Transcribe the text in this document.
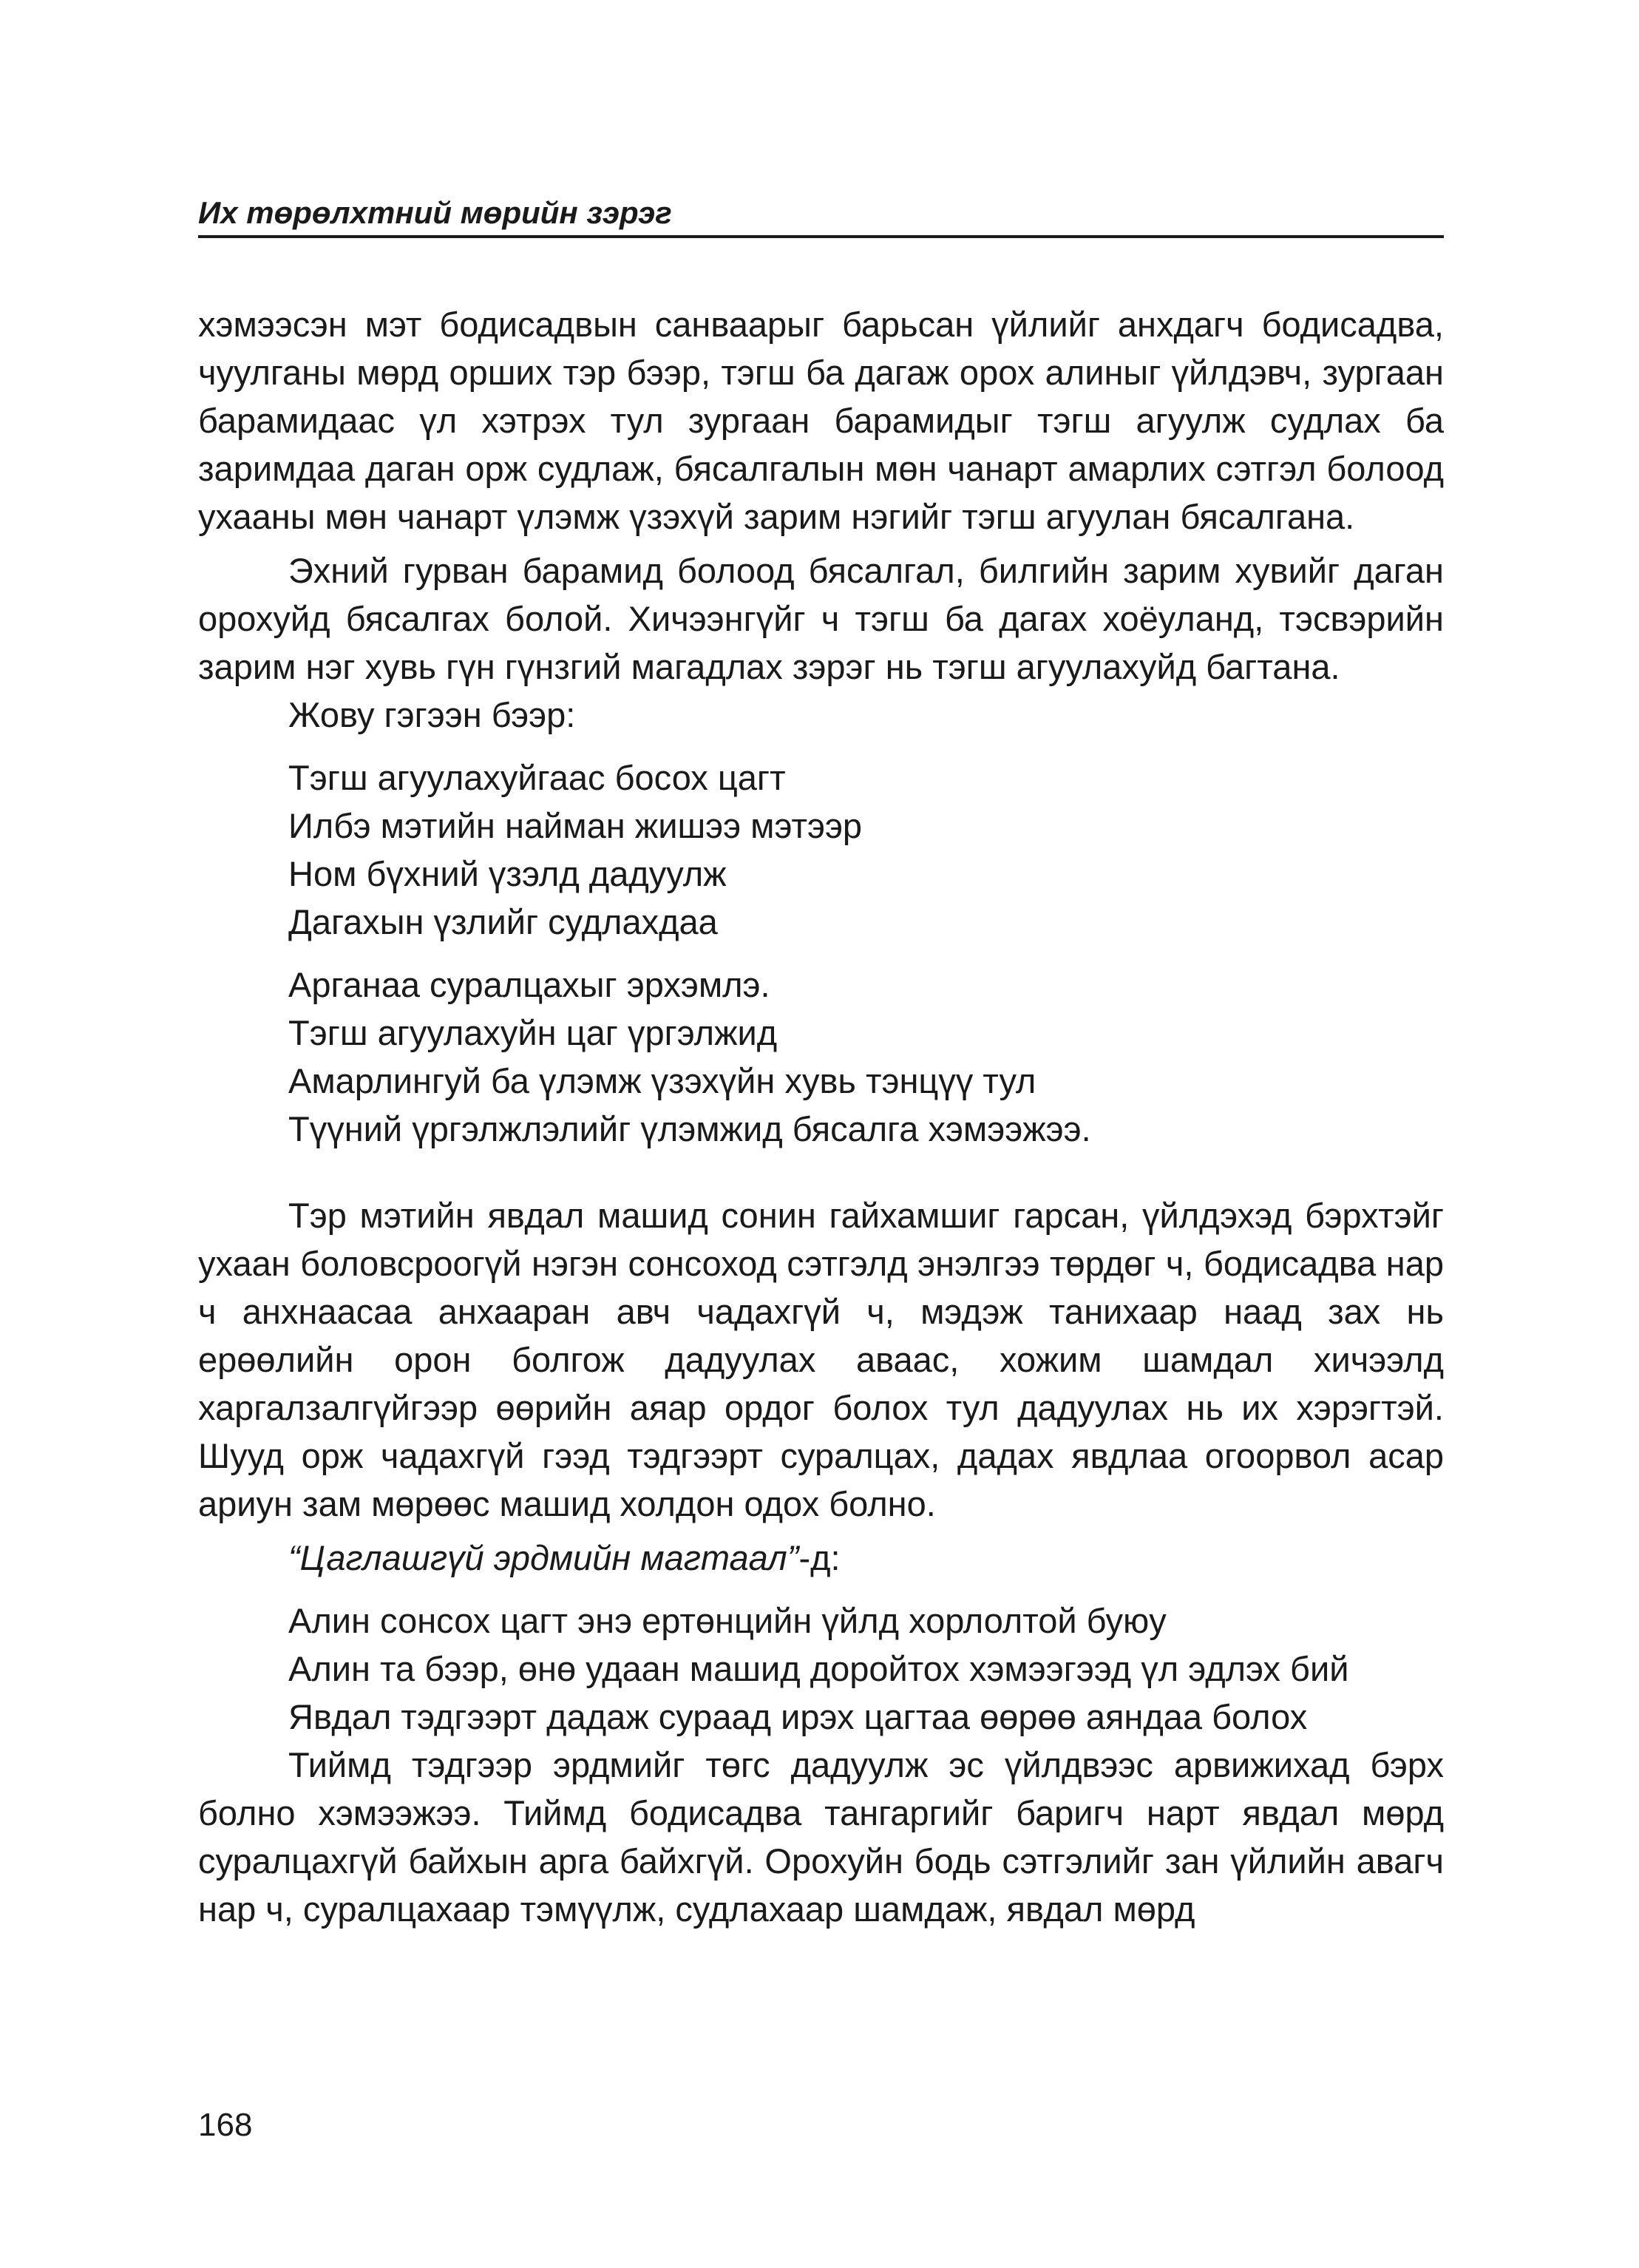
Их төрөлхтний мөрийн зэрэг

хэмээсэн мэт бодисадвын санваарыг барьсан үйлийг анхдагч бодисадва, чуулганы мөрд орших тэр бээр, тэгш ба дагаж орох алиныг үйлдэвч, зургаан барамидаас үл хэтрэх тул зургаан барамидыг тэгш агуулж судлах ба заримдаа даган орж судлаж, бясалгалын мөн чанарт амарлих сэтгэл болоод ухааны мөн чанарт үлэмж үзэхүй зарим нэгийг тэгш агуулан бясалгана.

Эхний гурван барамид болоод бясалгал, билгийн зарим хувийг даган орохуйд бясалгах болой. Хичээнгүйг ч тэгш ба дагах хоёуланд, тэсвэрийн зарим нэг хувь гүн гүнзгий магадлах зэрэг нь тэгш агуулахуйд багтана.

Жову гэгээн бээр:

Тэгш агуулахуйгаас босох цагт
Илбэ мэтийн найман жишээ мэтээр
Ном бүхний үзэлд дадуулж
Дагахын үзлийг судлахдаа
Арганаа суралцахыг эрхэмлэ.
Тэгш агуулахуйн цаг үргэлжид
Амарлингуй ба үлэмж үзэхүйн хувь тэнцүү тул
Түүний үргэлжлэлийг үлэмжид бясалга хэмээжээ.

Тэр мэтийн явдал машид сонин гайхамшиг гарсан, үйлдэхэд бэрхтэйг ухаан боловсроогүй нэгэн сонсоход сэтгэлд энэлгээ төрдөг ч, бодисадва нар ч анхнаасаа анхааран авч чадахгүй ч, мэдэж танихаар наад зах нь ерөөлийн орон болгож дадуулах аваас, хожим шамдал хичээлд харгалзалгүйгээр өөрийн аяар ордог болох тул дадуулах нь их хэрэгтэй. Шууд орж чадахгүй гээд тэдгээрт суралцах, дадах явдлаа огоорвол асар ариун зам мөрөөс машид холдон одох болно.

“Цаглашгүй эрдмийн магтаал”-д:

Алин сонсох цагт энэ ертөнцийн үйлд хорлолтой буюу
Алин та бээр, өнө удаан машид доройтох хэмээгээд үл эдлэх бий
Явдал тэдгээрт дадаж сураад ирэх цагтаа өөрөө аяндаа болох

Тиймд тэдгээр эрдмийг төгс дадуулж эс үйлдвээс арвижихад бэрх болно хэмээжээ. Тиймд бодисадва тангаргийг баригч нарт явдал мөрд суралцахгүй байхын арга байхгүй. Орохуйн бодь сэтгэлийг зан үйлийн авагч нар ч, суралцахаар тэмүүлж, судлахаар шамдаж, явдал мөрд

168
